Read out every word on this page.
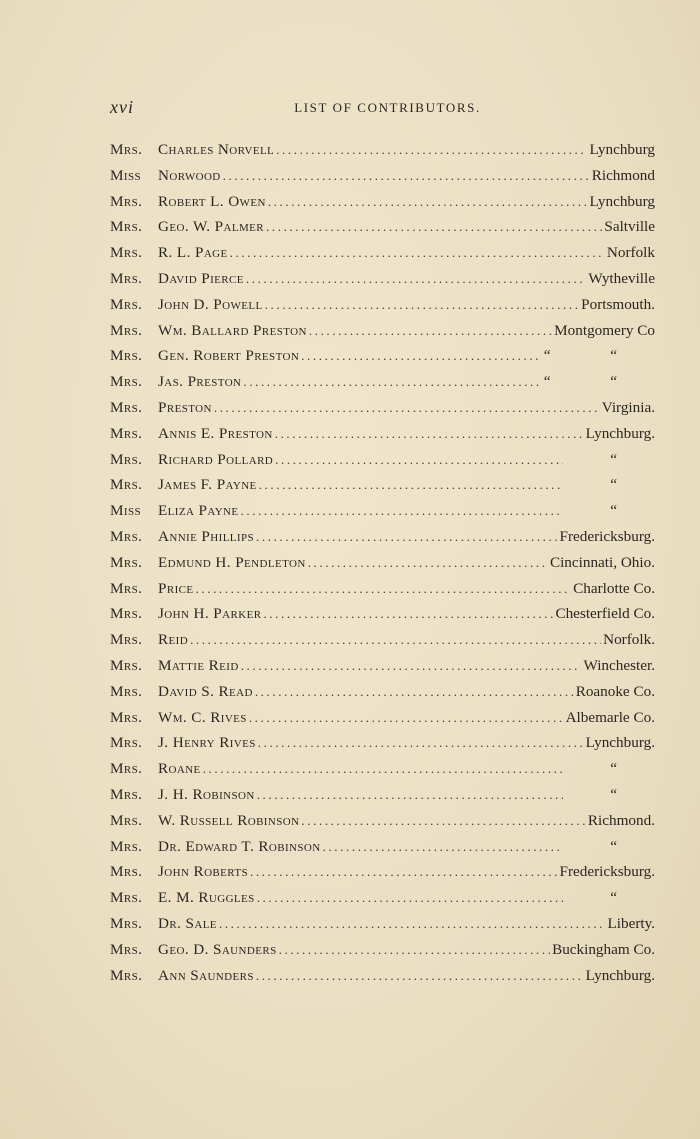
xvi	LIST OF CONTRIBUTORS.
Mrs.	Charles Norvell .....	Lynchburg
Miss	Norwood .....	Richmond
Mrs.	Robert L. Owen .....	Lynchburg
Mrs.	Geo. W. Palmer .....	Saltville
Mrs.	R. L. Page .....	Norfolk
Mrs.	David Pierce .....	Wytheville
Mrs.	John D. Powell .....	Portsmouth.
Mrs.	Wm. Ballard Preston .....	Montgomery Co
Mrs.	Gen. Robert Preston .....	“ “
Mrs.	Jas. Preston .....	“ “
Mrs.	Preston .....	Virginia.
Mrs.	Annis E. Preston .....	Lynchburg.
Mrs.	Richard Pollard .....	“
Mrs.	James F. Payne .....	“
Miss	Eliza Payne .....	“
Mrs.	Annie Phillips .....	Fredericksburg.
Mrs.	Edmund H. Pendleton .....	Cincinnati, Ohio.
Mrs.	Price .....	Charlotte Co.
Mrs.	John H. Parker .....	Chesterfield Co.
Mrs.	Reid .....	Norfolk.
Mrs.	Mattie Reid .....	Winchester.
Mrs.	David S. Read .....	Roanoke Co.
Mrs.	Wm. C. Rives .....	Albemarle Co.
Mrs.	J. Henry Rives .....	Lynchburg.
Mrs.	Roane .....	“
Mrs.	J. H. Robinson .....	“
Mrs.	W. Russell Robinson .....	Richmond.
Mrs.	Dr. Edward T. Robinson .....	“
Mrs.	John Roberts .....	Fredericksburg.
Mrs.	E. M. Ruggles .....	“
Mrs.	Dr. Sale .....	Liberty.
Mrs.	Geo. D. Saunders .....	Buckingham Co.
Mrs.	Ann Saunders .....	Lynchburg.
